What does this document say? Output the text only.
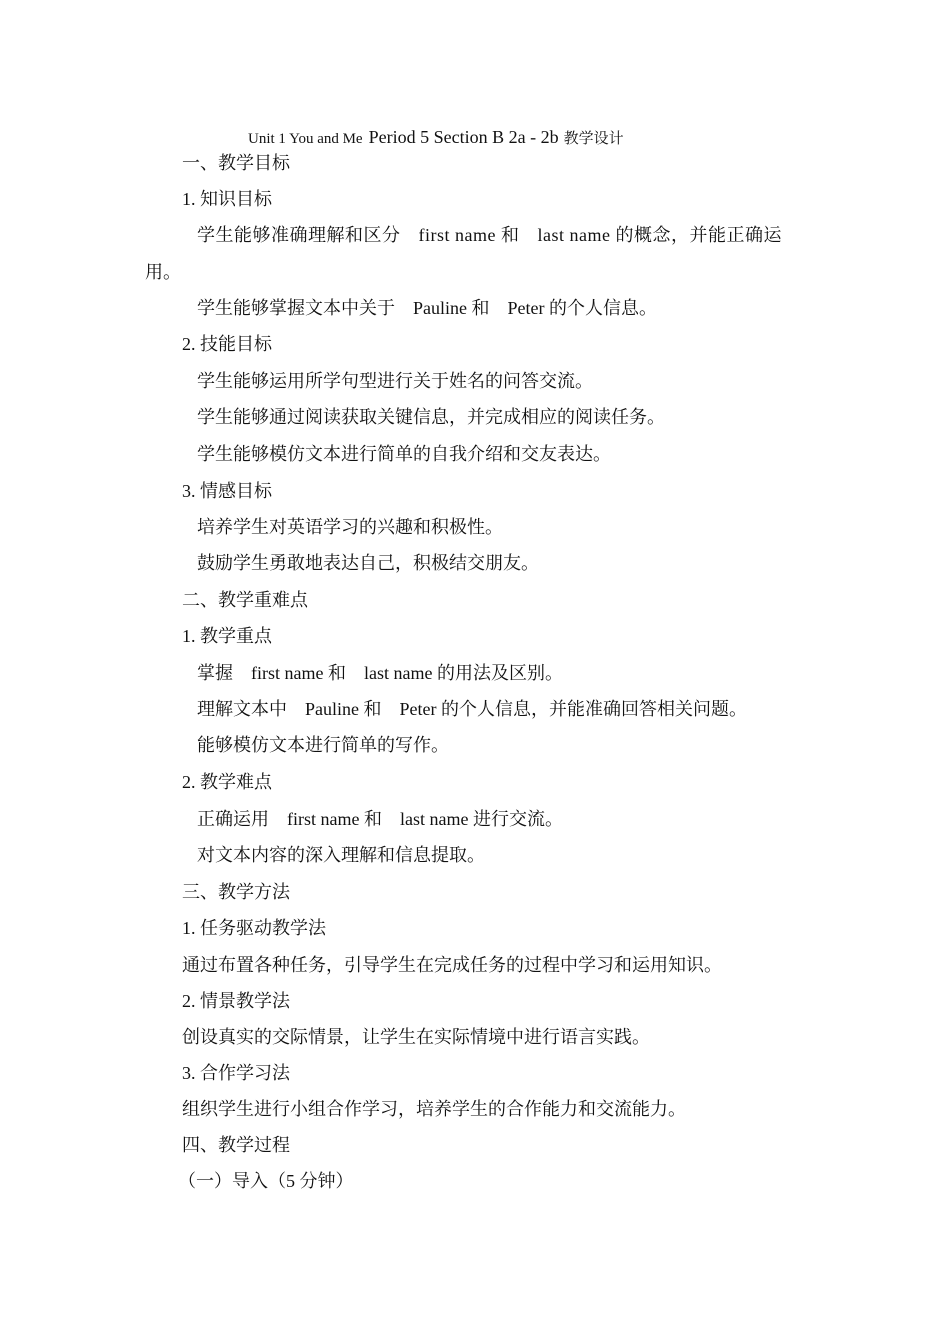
Unit 1 You and Me Period 5 Section B 2a - 2b 教学设计
一、教学目标
1. 知识目标
学生能够准确理解和区分 first name 和 last name 的概念，并能正确运
用。
学生能够掌握文本中关于 Pauline 和 Peter 的个人信息。
2. 技能目标
学生能够运用所学句型进行关于姓名的问答交流。
学生能够通过阅读获取关键信息，并完成相应的阅读任务。
学生能够模仿文本进行简单的自我介绍和交友表达。
3. 情感目标
培养学生对英语学习的兴趣和积极性。
鼓励学生勇敢地表达自己，积极结交朋友。
二、教学重难点
1. 教学重点
掌握 first name 和 last name 的用法及区别。
理解文本中 Pauline 和 Peter 的个人信息，并能准确回答相关问题。
能够模仿文本进行简单的写作。
2. 教学难点
正确运用 first name 和 last name 进行交流。
对文本内容的深入理解和信息提取。
三、教学方法
1. 任务驱动教学法
通过布置各种任务，引导学生在完成任务的过程中学习和运用知识。
2. 情景教学法
创设真实的交际情景，让学生在实际情境中进行语言实践。
3. 合作学习法
组织学生进行小组合作学习，培养学生的合作能力和交流能力。
四、教学过程
（一）导入（5 分钟）
